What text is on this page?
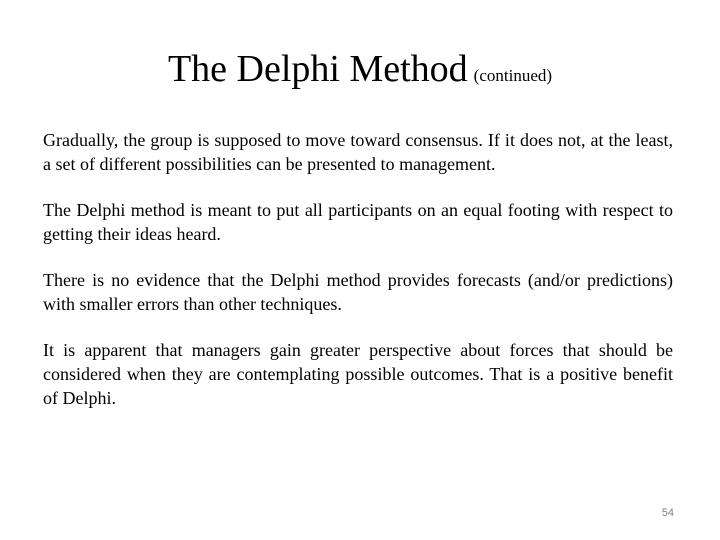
The Delphi Method (continued)

Gradually, the group is supposed to move toward consensus. If it does not, at the least, a set of different possibilities can be presented to management.

The Delphi method is meant to put all participants on an equal footing with respect to getting their ideas heard.

There is no evidence that the Delphi method provides forecasts (and/or predictions) with smaller errors than other techniques.

It is apparent that managers gain greater perspective about forces that should be considered when they are contemplating possible outcomes. That is a positive benefit of Delphi.

54
